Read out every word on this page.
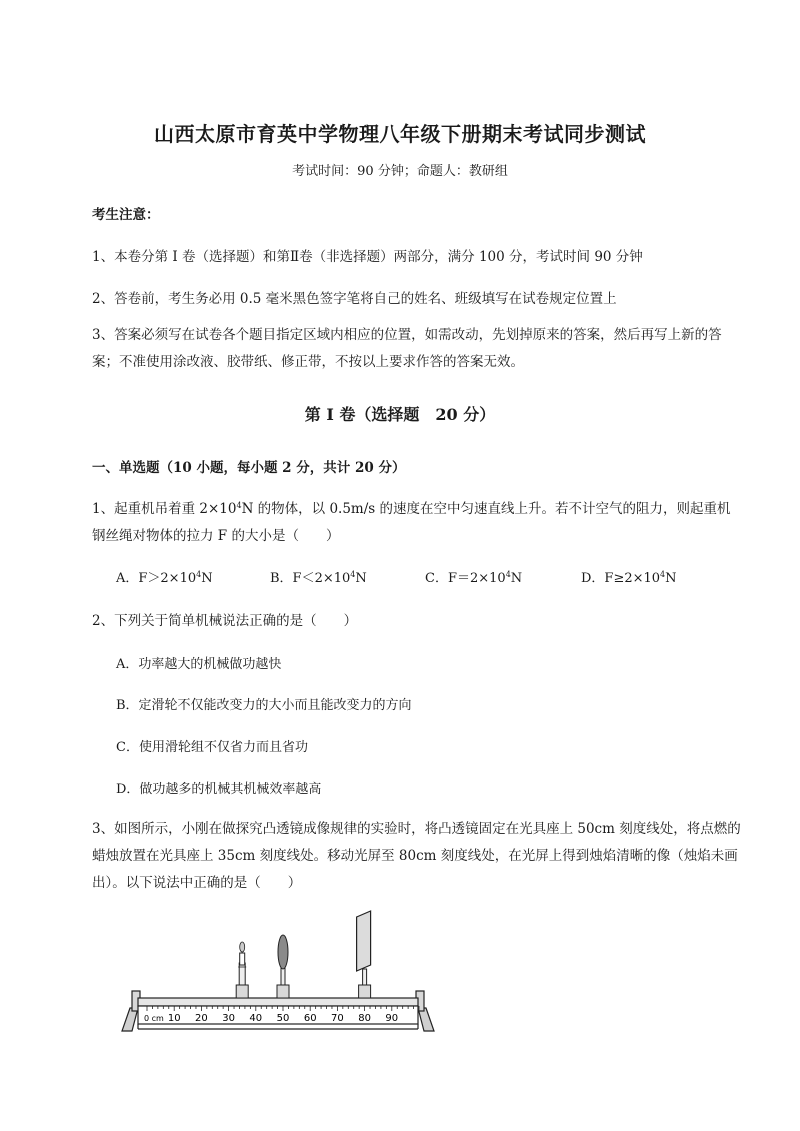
山西太原市育英中学物理八年级下册期末考试同步测试
考试时间：90 分钟；命题人：教研组
考生注意：
1、本卷分第 I 卷（选择题）和第Ⅱ卷（非选择题）两部分，满分 100 分，考试时间 90 分钟
2、答卷前，考生务必用 0.5 毫米黑色签字笔将自己的姓名、班级填写在试卷规定位置上
3、答案必须写在试卷各个题目指定区域内相应的位置，如需改动，先划掉原来的答案，然后再写上新的答案；不准使用涂改液、胶带纸、修正带，不按以上要求作答的答案无效。
第 I 卷（选择题　20 分）
一、单选题（10 小题，每小题 2 分，共计 20 分）
1、起重机吊着重 $2\times 10^4N$ 的物体，以 0.5m/s 的速度在空中匀速直线上升。若不计空气的阻力，则起重机钢丝绳对物体的拉力 F 的大小是（　　）
A．$F>2\times 10^4N$	B．$F<2\times 10^4N$	C．$F=2\times 10^4N$	D．$F\ge 2\times 10^4N$
2、下列关于简单机械说法正确的是（　　）
A．功率越大的机械做功越快
B．定滑轮不仅能改变力的大小而且能改变力的方向
C．使用滑轮组不仅省力而且省功
D．做功越多的机械其机械效率越高
3、如图所示，小刚在做探究凸透镜成像规律的实验时，将凸透镜固定在光具座上 50cm 刻度线处，将点燃的蜡烛放置在光具座上 35cm 刻度线处。移动光屏至 80cm 刻度线处，在光屏上得到烛焰清晰的像（烛焰未画出）。以下说法中正确的是（　　）
10 20 30 40 50 60 70 80 90
0 cm
